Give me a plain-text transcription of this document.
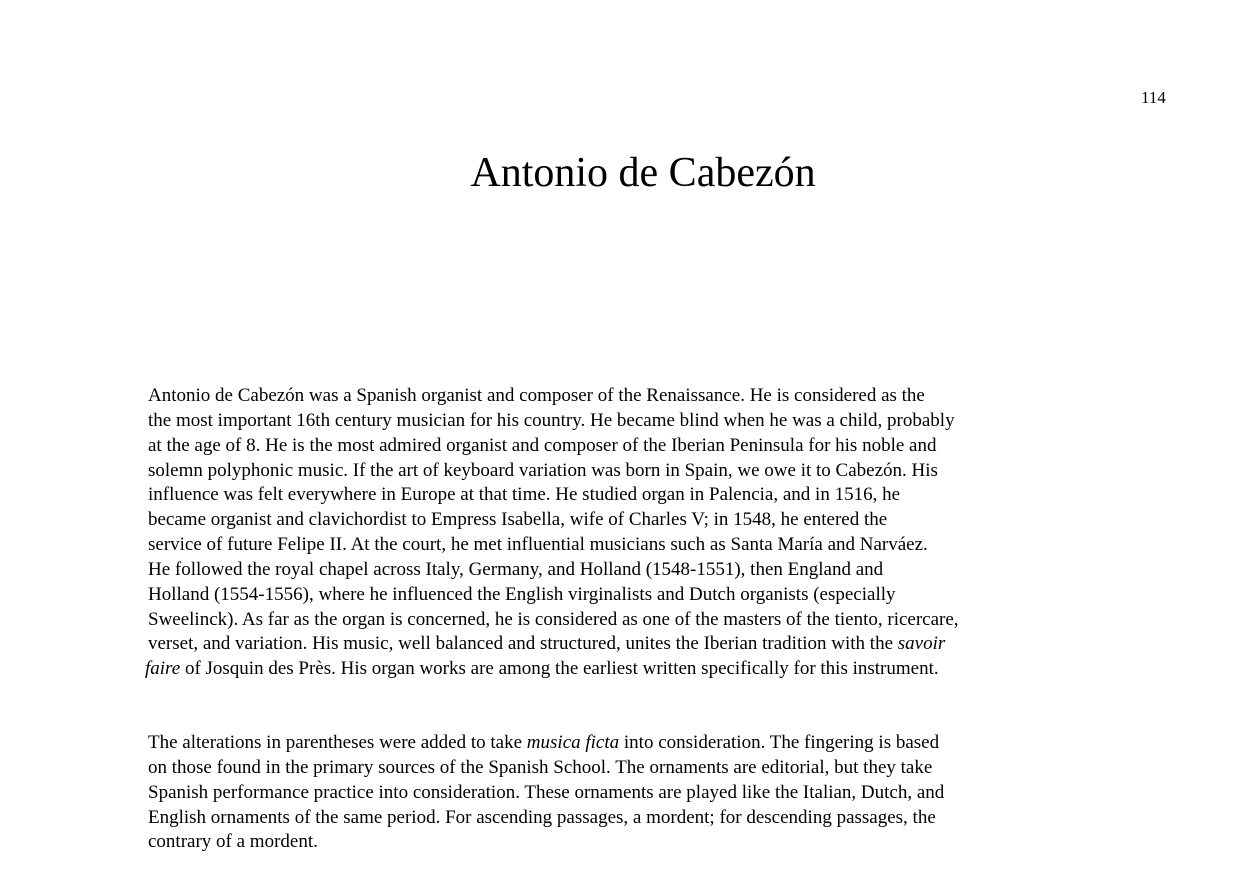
114
Antonio de Cabezón
Antonio de Cabezón was a Spanish organist and composer of the Renaissance. He is considered as the
the most important 16th century musician for his country. He became blind when he was a child, probably
at the age of 8. He is the most admired organist and composer of the Iberian Peninsula for his noble and
solemn polyphonic music. If the art of keyboard variation was born in Spain, we owe it to Cabezón. His
influence was felt everywhere in Europe at that time. He studied organ in Palencia, and in 1516, he
became organist and clavichordist to Empress Isabella, wife of Charles V; in 1548, he entered the
service of future Felipe II. At the court, he met influential musicians such as Santa María and Narváez.
He followed the royal chapel across Italy, Germany, and Holland (1548-1551), then England and
Holland (1554-1556), where he influenced the English virginalists and Dutch organists (especially
Sweelinck). As far as the organ is concerned, he is considered as one of the masters of the tiento, ricercare,
verset, and variation. His music, well balanced and structured, unites the Iberian tradition with the savoir
faire of Josquin des Près. His organ works are among the earliest written specifically for this instrument.
The alterations in parentheses were added to take musica ficta into consideration. The fingering is based
on those found in the primary sources of the Spanish School. The ornaments are editorial, but they take
Spanish performance practice into consideration. These ornaments are played like the Italian, Dutch, and
English ornaments of the same period. For ascending passages, a mordent; for descending passages, the
contrary of a mordent.
